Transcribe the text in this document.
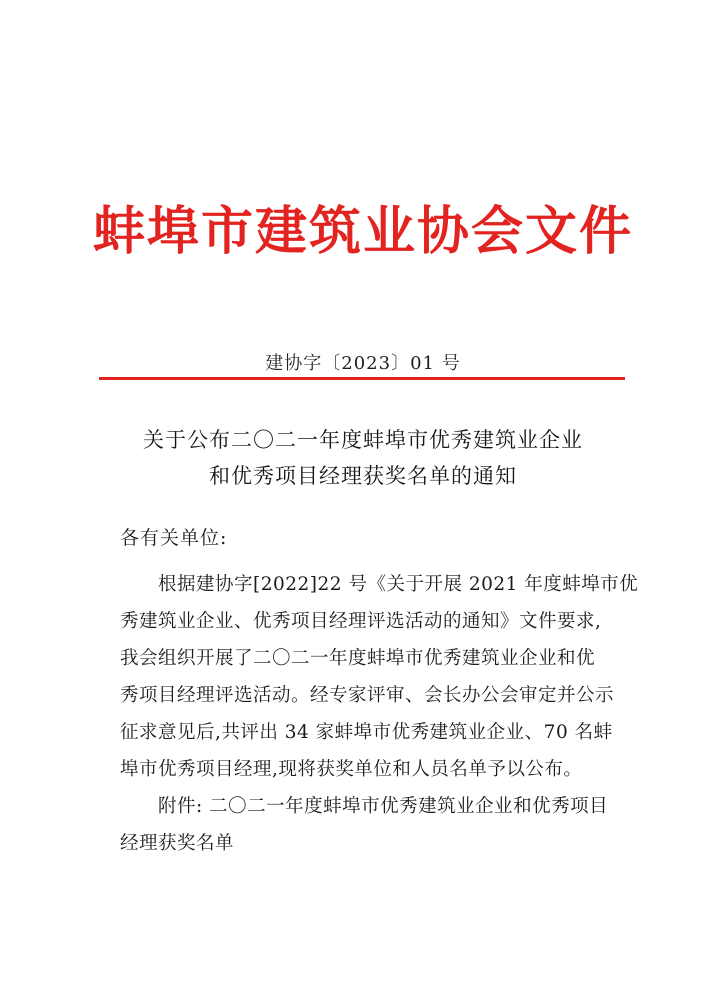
蚌埠市建筑业协会文件
建协字〔2023〕01 号
关于公布二〇二一年度蚌埠市优秀建筑业企业
和优秀项目经理获奖名单的通知
各有关单位:
根据建协字[2022]22 号《关于开展 2021 年度蚌埠市优
秀建筑业企业、优秀项目经理评选活动的通知》文件要求,
我会组织开展了二〇二一年度蚌埠市优秀建筑业企业和优
秀项目经理评选活动。经专家评审、会长办公会审定并公示
征求意见后,共评出 34 家蚌埠市优秀建筑业企业、70 名蚌
埠市优秀项目经理,现将获奖单位和人员名单予以公布。
附件: 二〇二一年度蚌埠市优秀建筑业企业和优秀项目
经理获奖名单
